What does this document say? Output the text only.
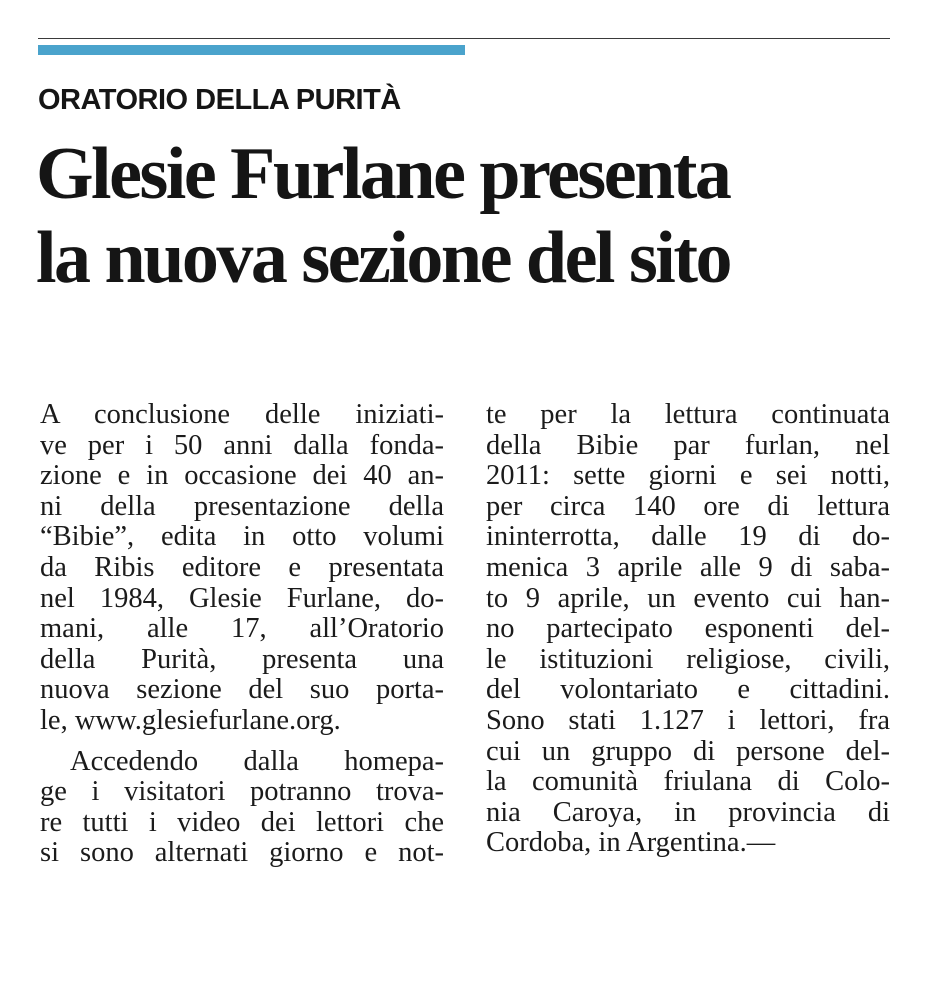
ORATORIO DELLA PURITÀ
Glesie Furlane presenta
la nuova sezione del sito
A conclusione delle iniziati-
ve per i 50 anni dalla fonda-
zione e in occasione dei 40 an-
ni della presentazione della
“Bibie”, edita in otto volumi
da Ribis editore e presentata
nel 1984, Glesie Furlane, do-
mani, alle 17, all’Oratorio
della Purità, presenta una
nuova sezione del suo porta-
le, www.glesiefurlane.org.
Accedendo dalla homepa-
ge i visitatori potranno trova-
re tutti i video dei lettori che
si sono alternati giorno e not-
te per la lettura continuata
della Bibie par furlan, nel
2011: sette giorni e sei notti,
per circa 140 ore di lettura
ininterrotta, dalle 19 di do-
menica 3 aprile alle 9 di saba-
to 9 aprile, un evento cui han-
no partecipato esponenti del-
le istituzioni religiose, civili,
del volontariato e cittadini.
Sono stati 1.127 i lettori, fra
cui un gruppo di persone del-
la comunità friulana di Colo-
nia Caroya, in provincia di
Cordoba, in Argentina.—
